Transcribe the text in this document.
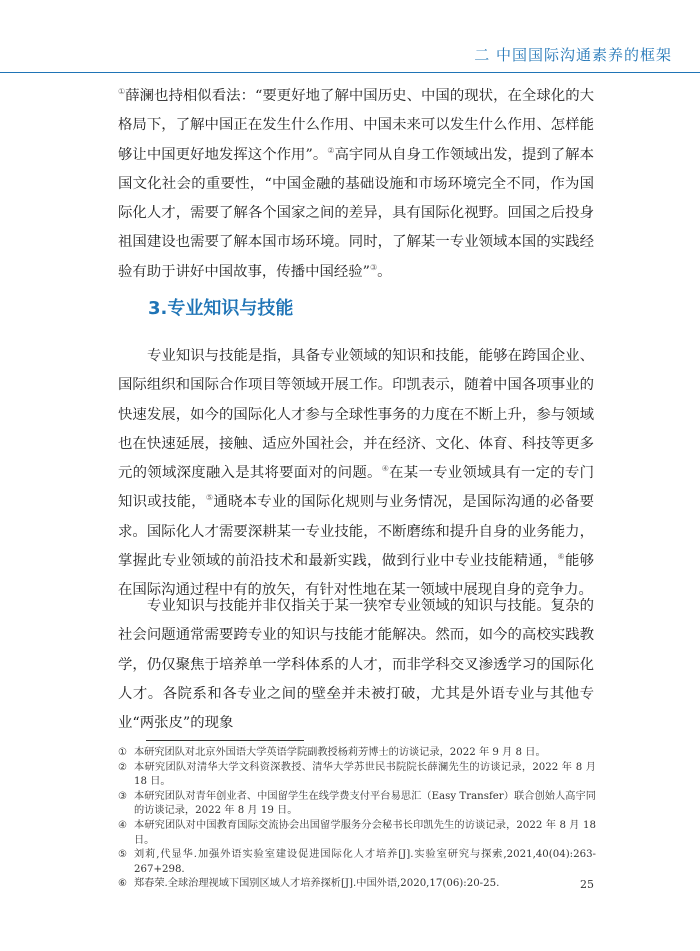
二 中国国际沟通素养的框架

①薛澜也持相似看法：“要更好地了解中国历史、中国的现状，在全球化的大格局下，了解中国正在发生什么作用、中国未来可以发生什么作用、怎样能够让中国更好地发挥这个作用”。②高宇同从自身工作领域出发，提到了解本国文化社会的重要性，“中国金融的基础设施和市场环境完全不同，作为国际化人才，需要了解各个国家之间的差异，具有国际化视野。回国之后投身祖国建设也需要了解本国市场环境。同时，了解某一专业领域本国的实践经验有助于讲好中国故事，传播中国经验”③。

3.专业知识与技能

专业知识与技能是指，具备专业领域的知识和技能，能够在跨国企业、国际组织和国际合作项目等领域开展工作。印凯表示，随着中国各项事业的快速发展，如今的国际化人才参与全球性事务的力度在不断上升，参与领域也在快速延展，接触、适应外国社会，并在经济、文化、体育、科技等更多元的领域深度融入是其将要面对的问题。④在某一专业领域具有一定的专门知识或技能，⑤通晓本专业的国际化规则与业务情况，是国际沟通的必备要求。国际化人才需要深耕某一专业技能，不断磨练和提升自身的业务能力，掌握此专业领域的前沿技术和最新实践，做到行业中专业技能精通，⑥能够在国际沟通过程中有的放矢，有针对性地在某一领域中展现自身的竞争力。

专业知识与技能并非仅指关于某一狭窄专业领域的知识与技能。复杂的社会问题通常需要跨专业的知识与技能才能解决。然而，如今的高校实践教学，仍仅聚焦于培养单一学科体系的人才，而非学科交叉渗透学习的国际化人才。各院系和各专业之间的壁垒并未被打破，尤其是外语专业与其他专业“两张皮”的现象

① 本研究团队对北京外国语大学英语学院副教授杨莉芳博士的访谈记录，2022 年 9 月 8 日。
② 本研究团队对清华大学文科资深教授、清华大学苏世民书院院长薛澜先生的访谈记录，2022 年 8 月 18 日。
③ 本研究团队对青年创业者、中国留学生在线学费支付平台易思汇（Easy Transfer）联合创始人高宇同的访谈记录，2022 年 8 月 19 日。
④ 本研究团队对中国教育国际交流协会出国留学服务分会秘书长印凯先生的访谈记录，2022 年 8 月 18 日。
⑤ 刘莉,代显华.加强外语实验室建设促进国际化人才培养[J].实验室研究与探索,2021,40(04):263-267+298.
⑥ 郑春荣.全球治理视域下国别区域人才培养探析[J].中国外语,2020,17(06):20-25.	25
